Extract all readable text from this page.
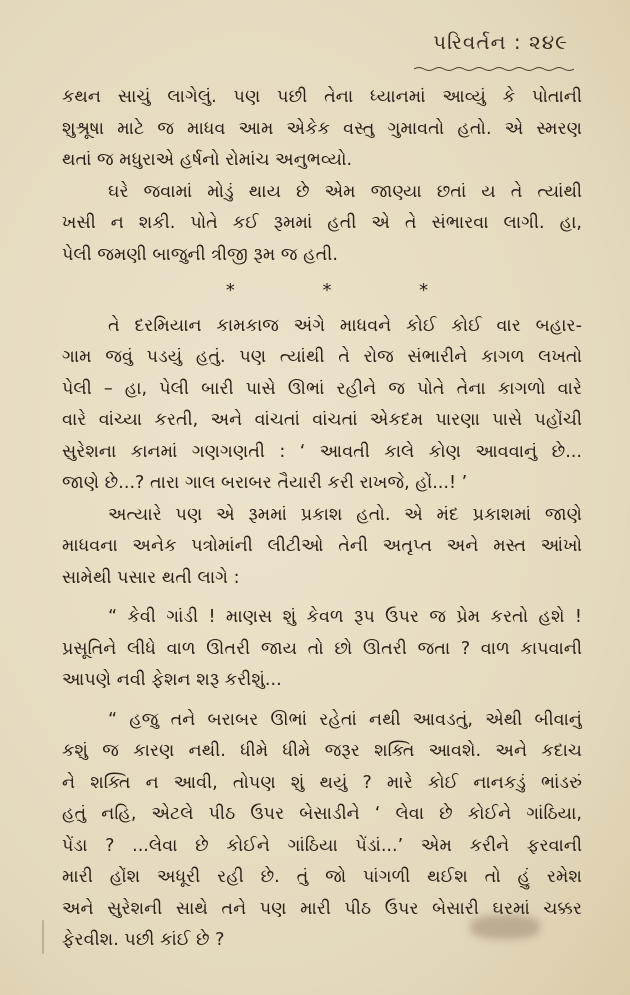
પરિવર્તન : ૨૪૯
કથન સાચું લાગેલું. પણ પછી તેના ધ્યાનમાં આવ્યું કે પોતાની
શુશ્રૂષા માટે જ માધવ આમ એકેક વસ્તુ ગુમાવતો હતો. એ સ્મરણ
થતાં જ મધુરાએ હર્ષનો રોમાંચ અનુભવ્યો.
ઘરે જવામાં મોડું થાય છે એમ જાણ્યા છતાં ય તે ત્યાંથી
ખસી ન શકી. પોતે કઈ રૂમમાં હતી એ તે સંભારવા લાગી. હા,
પેલી જમણી બાજુની ત્રીજી રૂમ જ હતી.
*	*	*
તે દરમિયાન કામકાજ અંગે માધવને કોઈ કોઈ વાર બહાર-
ગામ જવું પડયું હતું. પણ ત્યાંથી તે રોજ સંભારીને કાગળ લખતો
પેલી – હા, પેલી બારી પાસે ઊભાં રહીને જ પોતે તેના કાગળો વારે
વારે વાંચ્યા કરતી, અને વાંચતાં વાંચતાં એકદમ પારણા પાસે પહોંચી
સુરેશના કાનમાં ગણગણતી : ‘ આવતી કાલે કોણ આવવાનું છે...
જાણે છે...? તારા ગાલ બરાબર તૈયારી કરી રાખજે, હોં...! ’
અત્યારે પણ એ રૂમમાં પ્રકાશ હતો. એ મંદ પ્રકાશમાં જાણે
માધવના અનેક પત્રોમાંની લીટીઓ તેની અતૃપ્ત અને મસ્ત આંખો
સામેથી પસાર થતી લાગે :
“ કેવી ગાંડી ! માણસ શું કેવળ રૂપ ઉપર જ પ્રેમ કરતો હશે !
પ્રસૂતિને લીધે વાળ ઊતરી જાય તો છો ઊતરી જતા ? વાળ કાપવાની
આપણે નવી ફેશન શરૂ કરીશું...
“ હજુ તને બરાબર ઊભાં રહેતાં નથી આવડતું, એથી બીવાનું
કશું જ કારણ નથી. ધીમે ધીમે જરૂર શક્તિ આવશે. અને કદાચ
ને શક્તિ ન આવી, તોપણ શું થયું ? મારે કોઈ નાનકડું ભાંડરું
હતું નહિ, એટલે પીઠ ઉપર બેસાડીને ‘ લેવા છે કોઈને ગાંઠિયા,
પેંડા ? ...લેવા છે કોઈને ગાંઠિયા પેંડાં...’ એમ કરીને ફરવાની
મારી હોંશ અધૂરી રહી છે. તું જો પાંગળી થઈશ તો હું રમેશ
અને સુરેશની સાથે તને પણ મારી પીઠ ઉપર બેસારી ઘરમાં ચક્કર
ફેરવીશ. પછી કાંઈ છે ?
